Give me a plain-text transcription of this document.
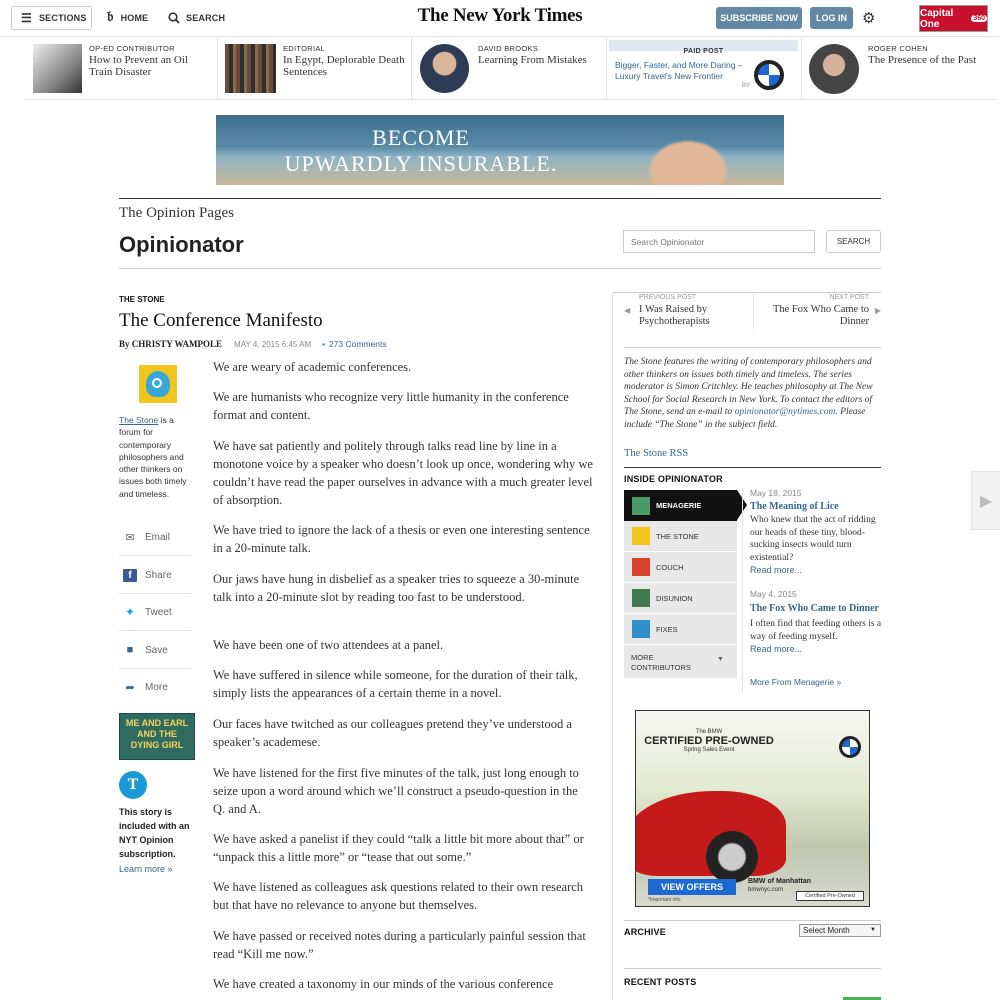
☰ SECTIONS 𝔟 HOME	SEARCH	The New York Times	SUBSCRIBE NOW	LOG IN	⚙	Capital One	360
OP-ED CONTRIBUTOR
How to Prevent an Oil Train Disaster
EDITORIAL
In Egypt, Deplorable Death Sentences
DAVID BROOKS
Learning From Mistakes
PAID POST
Bigger, Faster, and More Daring – Luxury Travel's New Frontier
BY
ROGER COHEN
The Presence of the Past
BECOME
UPWARDLY INSURABLE.
The Opinion Pages
Opinionator
Search Opinionator	SEARCH
THE STONE
The Conference Manifesto
By CHRISTY WAMPOLE MAY 4, 2015 6:45 AM ▪ 273 Comments
The Stone is a forum for contemporary philosophers and other thinkers on issues both timely and timeless.
✉ Email
f	Share
✦ Tweet
■	Save
➦ More
ME AND EARL AND THE DYING GIRL
T
This story is included with an NYT Opinion subscription.
Learn more »
We are weary of academic conferences.
We are humanists who recognize very little humanity in the conference format and content.
We have sat patiently and politely through talks read line by line in a monotone voice by a speaker who doesn’t look up once, wondering why we couldn’t have read the paper ourselves in advance with a much greater level of absorption.
We have tried to ignore the lack of a thesis or even one interesting sentence in a 20-minute talk.
Our jaws have hung in disbelief as a speaker tries to squeeze a 30-minute talk into a 20-minute slot by reading too fast to be understood.
We have been one of two attendees at a panel.
We have suffered in silence while someone, for the duration of their talk, simply lists the appearances of a certain theme in a novel.
Our faces have twitched as our colleagues pretend they’ve understood a speaker’s academese.
We have listened for the first five minutes of the talk, just long enough to seize upon a word around which we’ll construct a pseudo-question in the Q. and A.
We have asked a panelist if they could “talk a little bit more about that” or “unpack this a little more” or “tease that out some.”
We have listened as colleagues ask questions related to their own research but that have no relevance to anyone but themselves.
We have passed or received notes during a particularly painful session that read “Kill me now.”
We have created a taxonomy in our minds of the various conference
◀
PREVIOUS POST
I Was Raised by Psychotherapists
▶
NEXT POST
The Fox Who Came to Dinner
The Stone features the writing of contemporary philosophers and other thinkers on issues both timely and timeless. The series moderator is Simon Critchley. He teaches philosophy at The New School for Social Research in New York. To contact the editors of The Stone, send an e-mail to opinionator@nytimes.com. Please include “The Stone” in the subject field.
The Stone RSS
INSIDE OPINIONATOR
MENAGERIE
THE STONE
COUCH
DISUNION
FIXES
MORE CONTRIBUTORS
▼
May 18, 2015
The Meaning of Lice
Who knew that the act of ridding our heads of these tiny, blood-sucking insects would turn existential?
Read more...
May 4, 2015
The Fox Who Came to Dinner
I often find that feeding others is a way of feeding myself.
Read more...
More From Menagerie »
The BMW
CERTIFIED PRE-OWNED
Spring Sales Event
VIEW OFFERS
BMW of Manhattan
bmwnyc.com
Certified Pre-Owned
*Important info
ARCHIVE	Select Month	▼
RECENT POSTS
▶
